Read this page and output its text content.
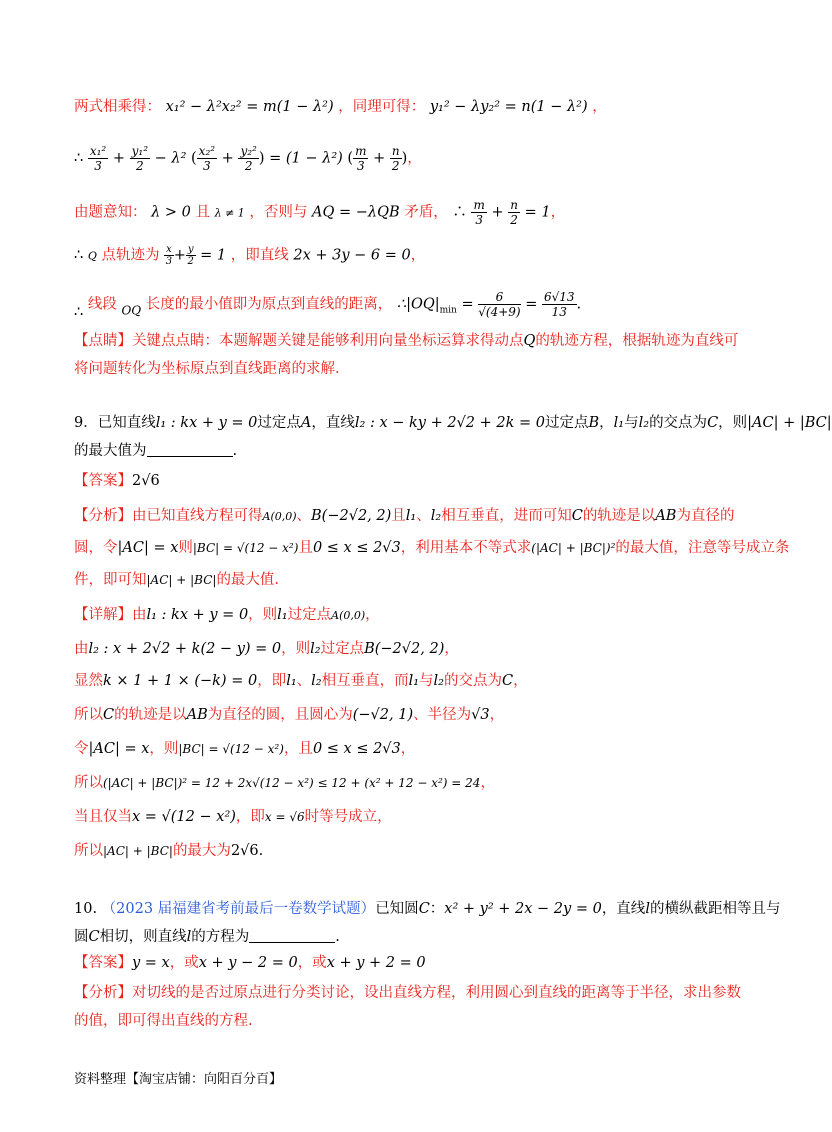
两式相乘得： x₁² − λ²x₂² = m(1 − λ²) ，同理可得： y₁² − λy₂² = n(1 − λ²) ，
∴ $\frac{\text{x₁²}}{3} + \frac{\text{y₁²}}{2} - \lambda^2$ ( $\frac{\text{x₂²}}{3} + \frac{\text{y₂²}}{2}$ ) = (1 − λ²) ( $\frac{m}{3} + \frac{n}{2}$ )，
由题意知： λ > 0 且 λ ≠ 1 ，否则与 AQ = −λQB 矛盾， ∴ $\frac{m}{3} + \frac{n}{2} = 1$，
∴ Q 点轨迹为 $\frac{x}{3} + \frac{y}{2} = 1$ ，即直线 2x + 3y − 6 = 0，
∴ 线段 $_{OQ}$ 长度的最小值即为原点到直线的距离， $\therefore|OQ|_{min} = \frac{6}{√(4+9)} = \frac{6√13}{13}$ .
【点睛】关键点点睛：本题解题关键是能够利用向量坐标运算求得动点Q的轨迹方程，根据轨迹为直线可
将问题转化为坐标原点到直线距离的求解.
9．已知直线l₁ : kx + y = 0过定点A，直线l₂ : x − ky + 2√2 + 2k = 0过定点B，l₁与l₂的交点为C，则|AC| + |BC|
的最大值为	.
【答案】2√6
【分析】由已知直线方程可得A(0,0)、B(−2√2, 2)且l₁、l₂相互垂直，进而可知C的轨迹是以AB为直径的
圆，令|AC| = x则|BC| = √(12 − x²)且0 ≤ x ≤ 2√3，利用基本不等式求(|AC| + |BC|)²的最大值，注意等号成立条
件，即可知|AC| + |BC|的最大值.
【详解】由l₁ : kx + y = 0，则l₁过定点A(0,0)，
由l₂ : x + 2√2 + k(2 − y) = 0，则l₂过定点B(−2√2, 2)，
显然k × 1 + 1 × (−k) = 0，即l₁、l₂相互垂直，而l₁与l₂的交点为C，
所以C的轨迹是以AB为直径的圆，且圆心为(−√2, 1)、半径为√3，
令|AC| = x，则|BC| = √(12 − x²)，且0 ≤ x ≤ 2√3，
所以(|AC| + |BC|)² = 12 + 2x√(12 − x²) ≤ 12 + (x² + 12 − x²) = 24，
当且仅当x = √(12 − x²)，即x = √6时等号成立，
所以|AC| + |BC|的最大为2√6.
10. （2023 届福建省考前最后一卷数学试题）已知圆C：x² + y² + 2x − 2y = 0，直线l的横纵截距相等且与
圆C相切，则直线l的方程为	.
【答案】y = x，或x + y − 2 = 0，或x + y + 2 = 0
【分析】对切线的是否过原点进行分类讨论，设出直线方程，利用圆心到直线的距离等于半径，求出参数
的值，即可得出直线的方程.
资料整理【淘宝店铺：向阳百分百】
